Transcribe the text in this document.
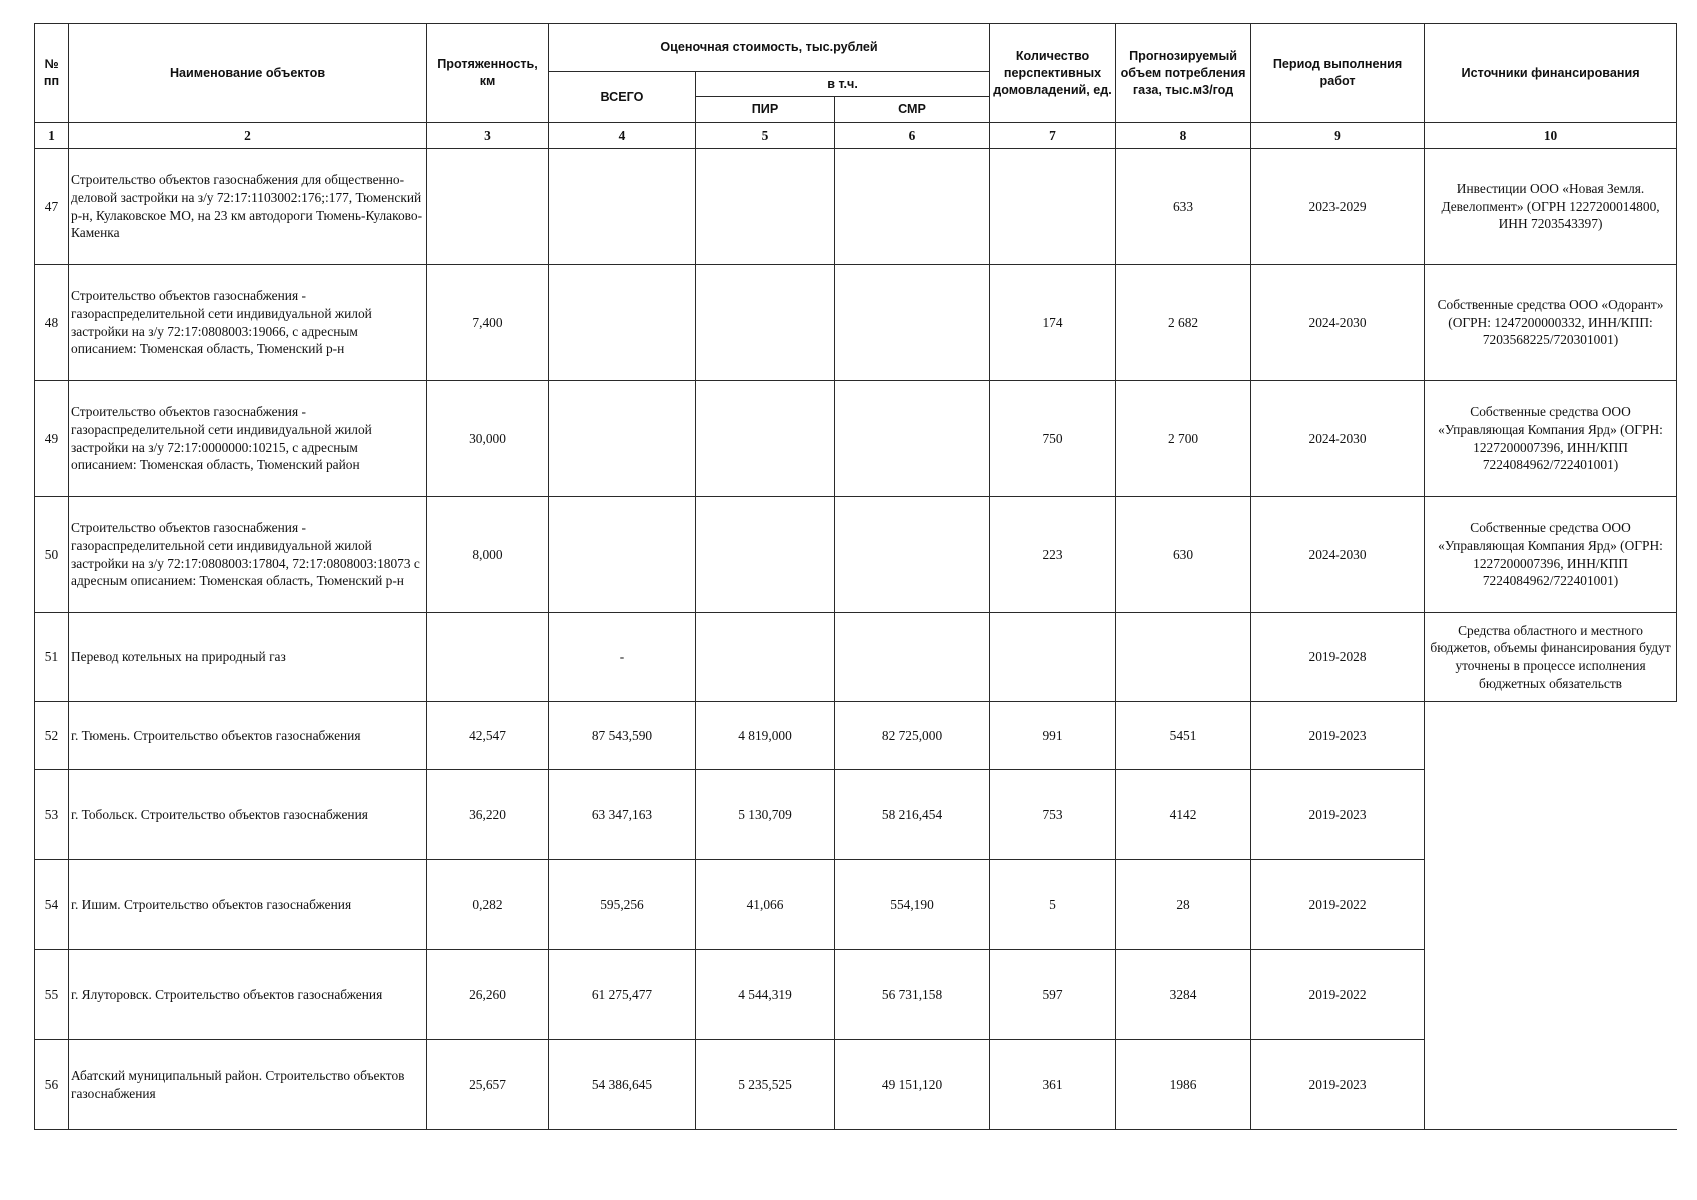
№ пп	Наименование объектов	Протяженность, км	Оценочная стоимость, тыс.рублей			Количество перспективных домовладений, ед.	Прогнозируемый объем потребления газа, тыс.м3/год	Период выполнения работ	Источники финансирования
			ВСЕГО	в т.ч.					
				ПИР	СМР				
1	2	3	4	5	6	7	8	9	10
47	Строительство объектов газоснабжения для общественно-деловой застройки на з/у 72:17:1103002:176;:177, Тюменский р-н, Кулаковское МО, на 23 км автодороги Тюмень-Кулаково-Каменка						633	2023-2029	Инвестиции ООО «Новая Земля. Девелопмент» (ОГРН 1227200014800, ИНН 7203543397)
48	Строительство объектов газоснабжения - газораспределительной сети индивидуальной жилой застройки на з/у 72:17:0808003:19066, с адресным описанием: Тюменская область, Тюменский р-н	7,400				174	2 682	2024-2030	Собственные средства ООО «Одорант» (ОГРН: 1247200000332, ИНН/КПП: 7203568225/720301001)
49	Строительство объектов газоснабжения - газораспределительной сети индивидуальной жилой застройки на з/у 72:17:0000000:10215, с адресным описанием: Тюменская область, Тюменский район	30,000				750	2 700	2024-2030	Собственные средства ООО «Управляющая Компания Ярд» (ОГРН: 1227200007396, ИНН/КПП 7224084962/722401001)
50	Строительство объектов газоснабжения - газораспределительной сети индивидуальной жилой застройки на з/у 72:17:0808003:17804, 72:17:0808003:18073 с адресным описанием: Тюменская область, Тюменский р-н	8,000				223	630	2024-2030	Собственные средства ООО «Управляющая Компания Ярд» (ОГРН: 1227200007396, ИНН/КПП 7224084962/722401001)
51	Перевод котельных на природный газ		-					2019-2028	Средства областного и местного бюджетов, объемы финансирования будут уточнены в процессе исполнения бюджетных обязательств
52	г. Тюмень. Строительство объектов газоснабжения	42,547	87 543,590	4 819,000	82 725,000	991	5451	2019-2023	
53	г. Тобольск. Строительство объектов газоснабжения	36,220	63 347,163	5 130,709	58 216,454	753	4142	2019-2023	
54	г. Ишим. Строительство объектов газоснабжения	0,282	595,256	41,066	554,190	5	28	2019-2022	
55	г. Ялуторовск. Строительство объектов газоснабжения	26,260	61 275,477	4 544,319	56 731,158	597	3284	2019-2022	
56	Абатский муниципальный район. Строительство объектов газоснабжения	25,657	54 386,645	5 235,525	49 151,120	361	1986	2019-2023	
